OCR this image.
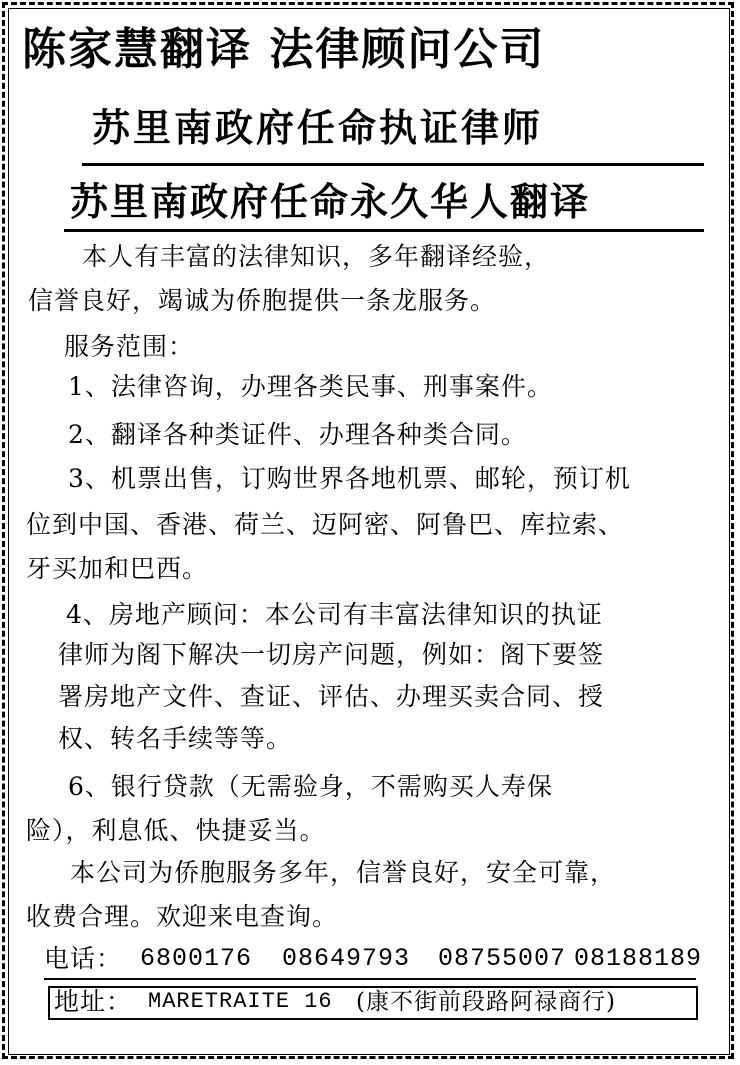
陈家慧翻译 法律顾问公司
苏里南政府任命执证律师
苏里南政府任命永久华人翻译
本人有丰富的法律知识，多年翻译经验，
信誉良好，竭诚为侨胞提供一条龙服务。
服务范围：
1、法律咨询，办理各类民事、刑事案件。
2、翻译各种类证件、办理各种类合同。
3、机票出售，订购世界各地机票、邮轮，预订机
位到中国、香港、荷兰、迈阿密、阿鲁巴、库拉索、
牙买加和巴西。
4、房地产顾问：本公司有丰富法律知识的执证
律师为阁下解决一切房产问题，例如：阁下要签
署房地产文件、查证、评估、办理买卖合同、授
权、转名手续等等。
6、银行贷款（无需验身，不需购买人寿保
险），利息低、快捷妥当。
本公司为侨胞服务多年，信誉良好，安全可靠，
收费合理。欢迎来电查询。
电话： 6800176 08649793 08755007 08188189
地址： MARETRAITE 16 (康不街前段路阿禄商行)
